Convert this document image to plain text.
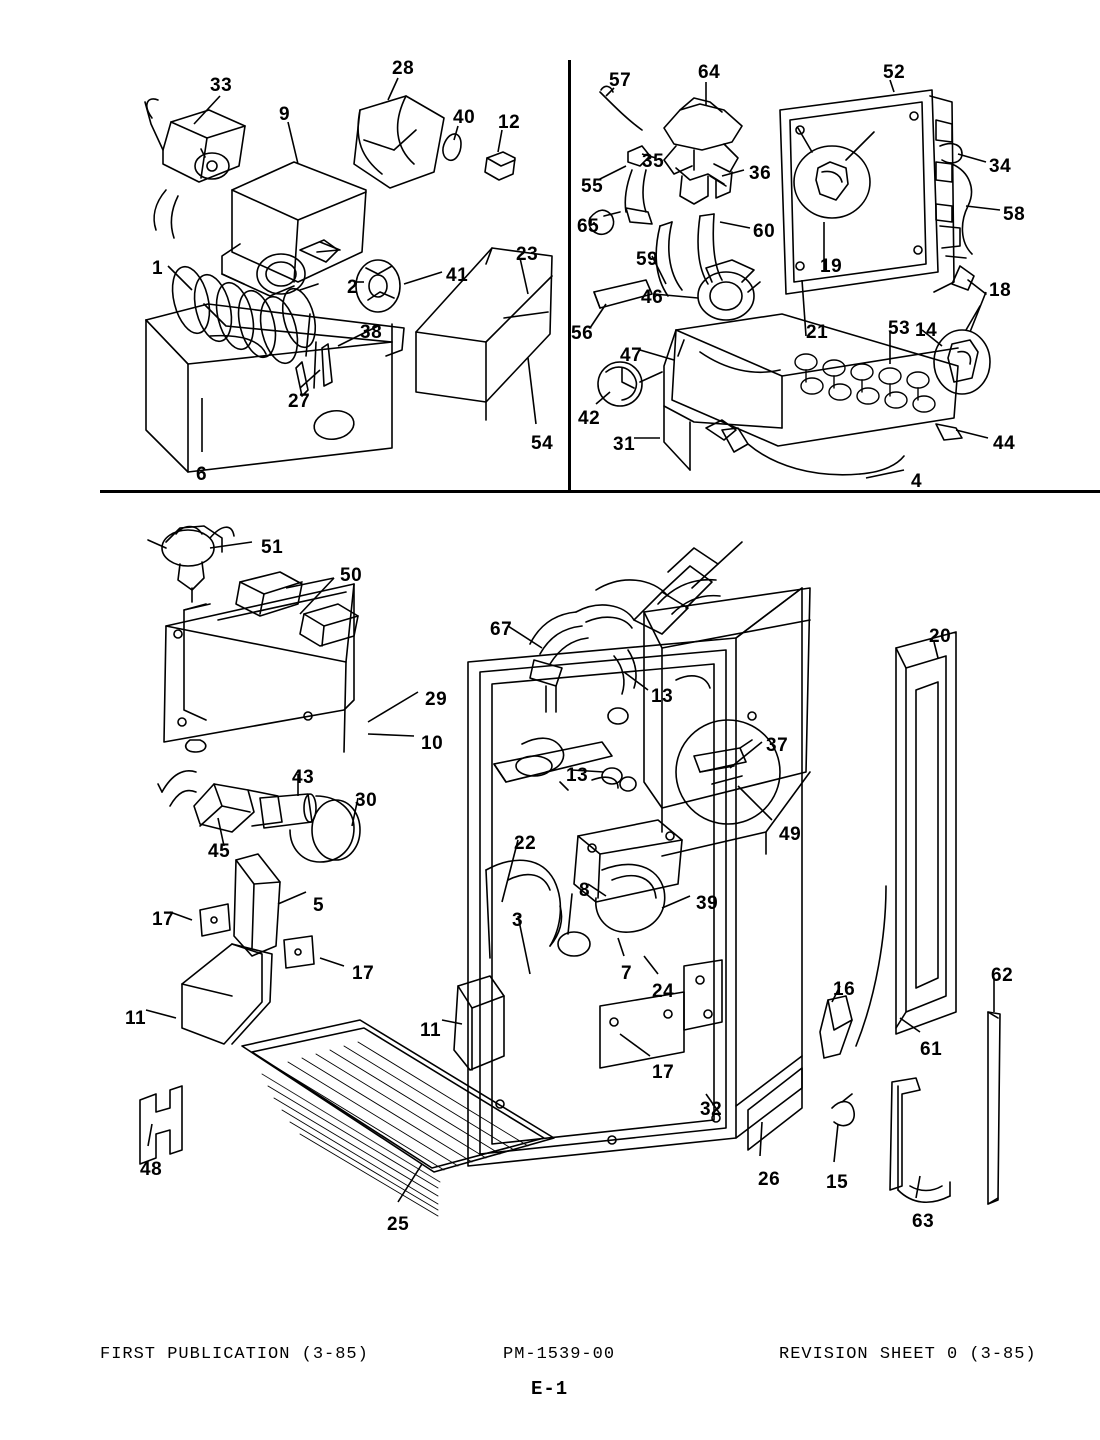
33
28
9	40 12
57	64	52
35
36	34
55
58
65	60
59	19
23
1	41
2	18
46
56
38	21	53 14
47
42
27
31	44
54
6	4
51
50
67	20
13
29
10	37
13
43
30
49
22
45
8
5	39
17	3
7
17
24	16
62
11
11
61
17
32
48	26 15
63
25
FIRST PUBLICATION (3-85)	PM-1539-00	REVISION SHEET 0 (3-85)
E-1
